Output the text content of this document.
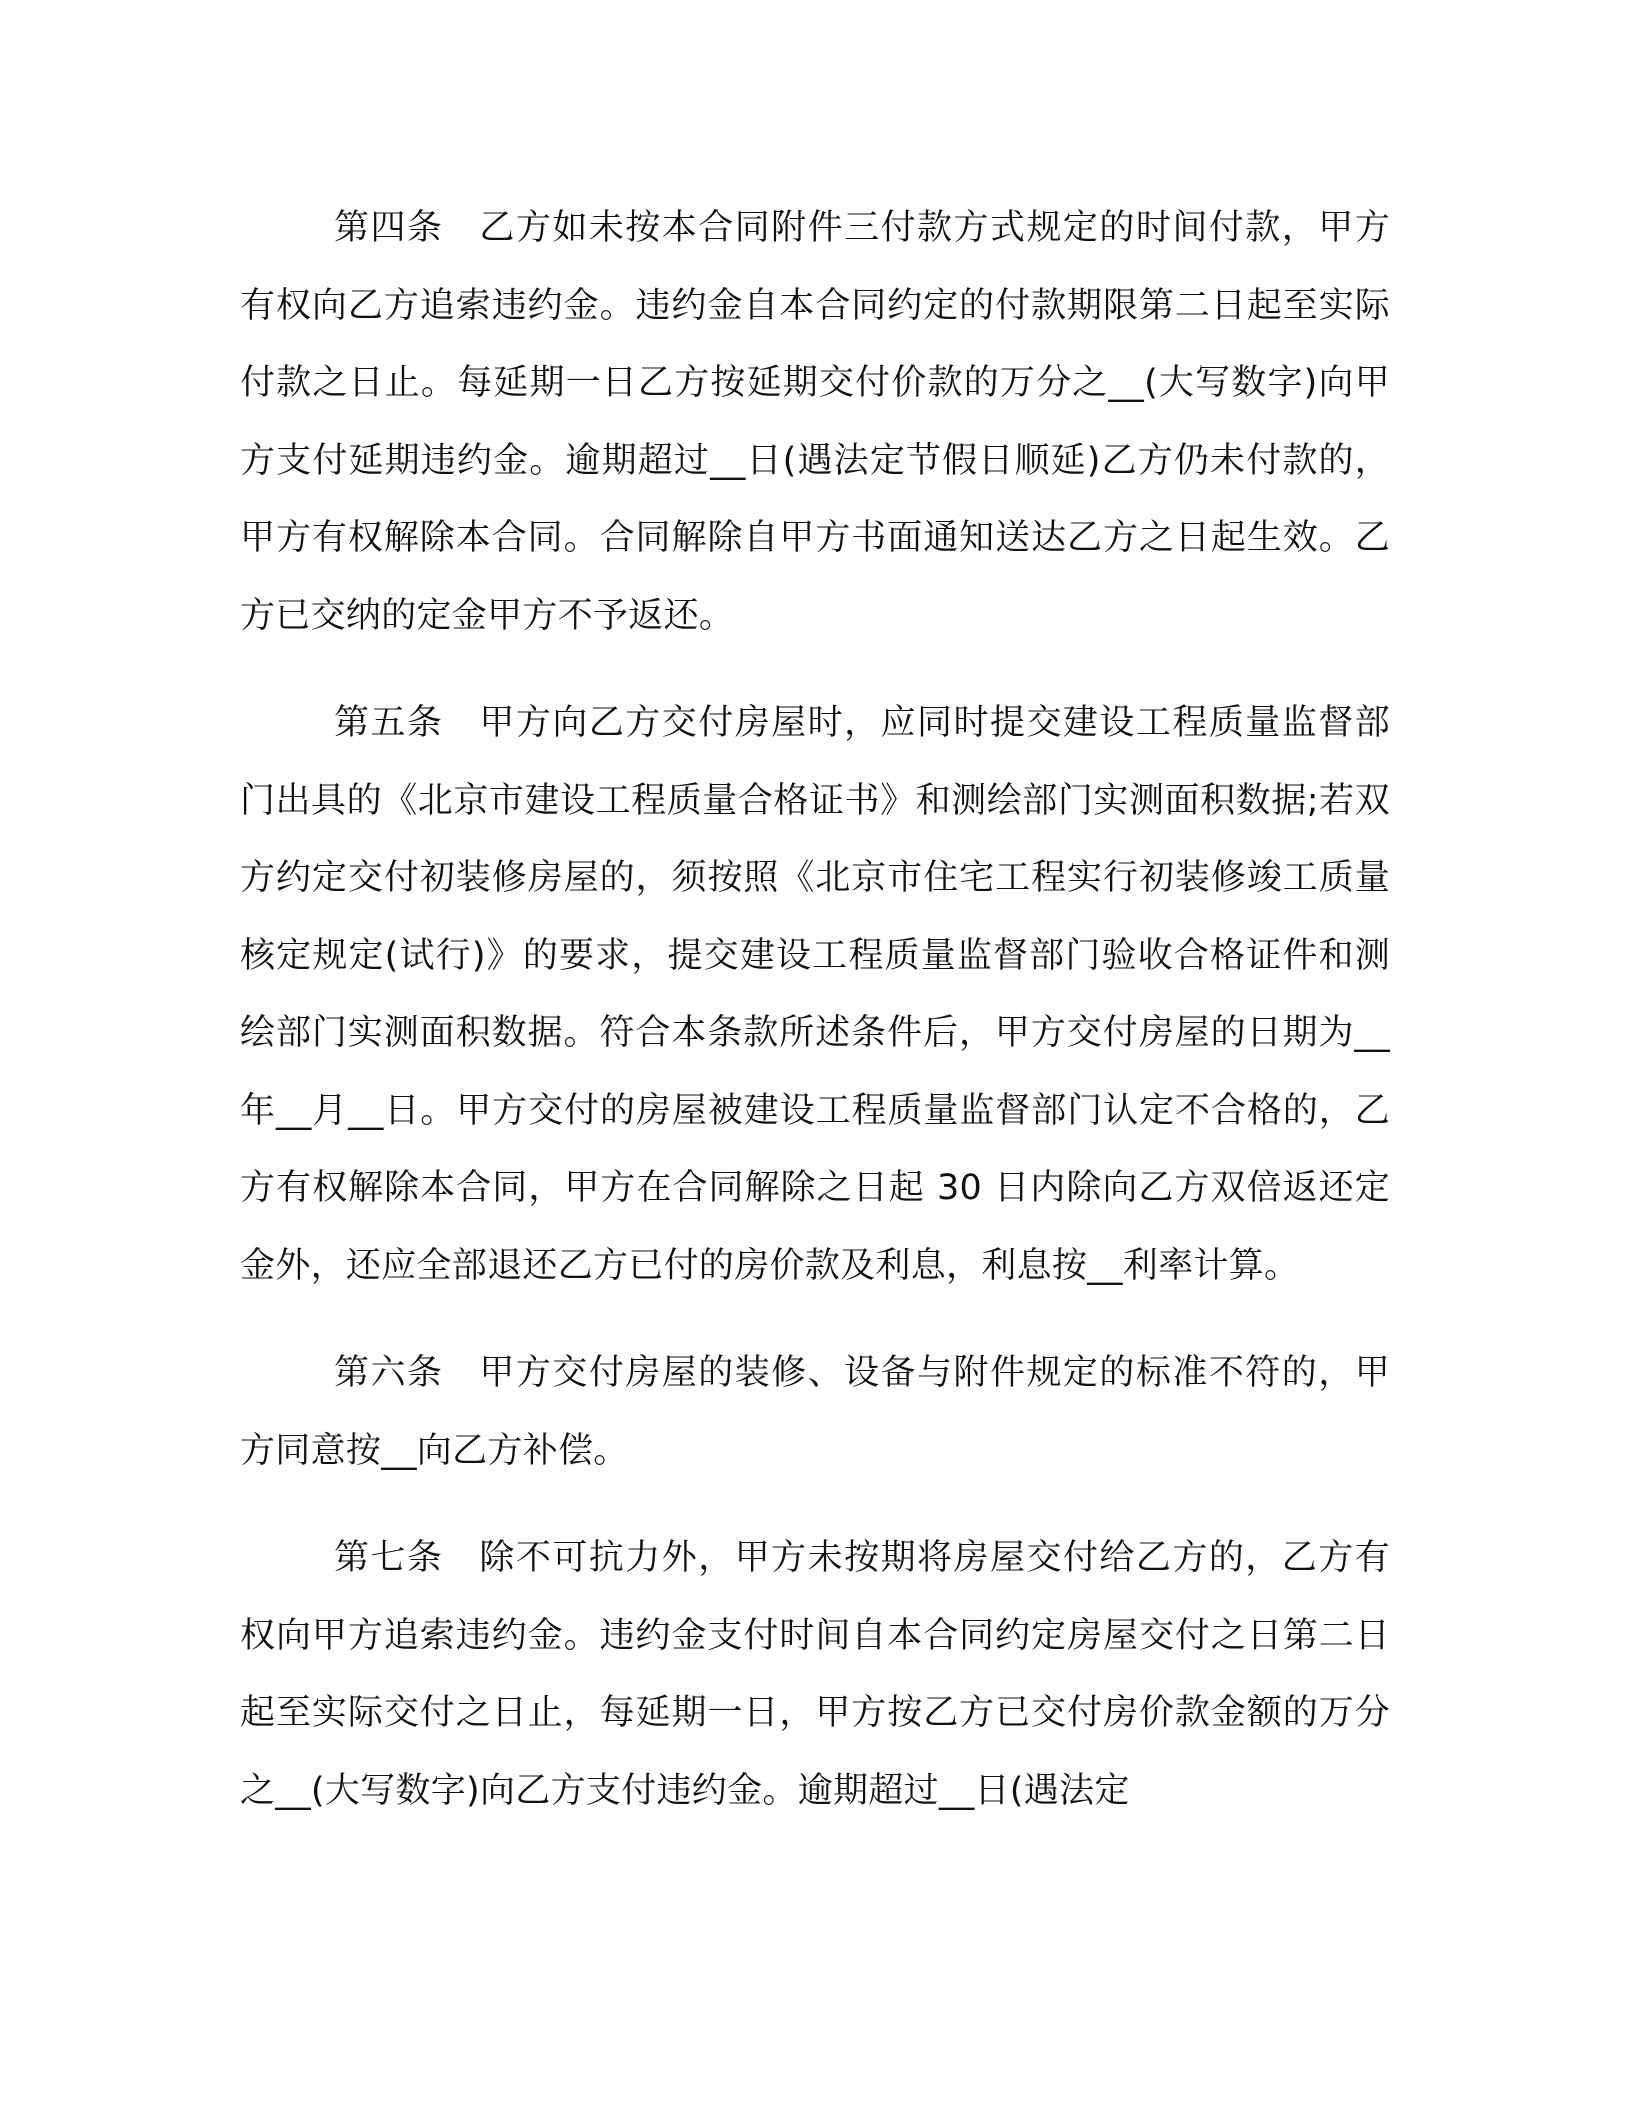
第四条 乙方如未按本合同附件三付款方式规定的时间付款，甲方有权向乙方追索违约金。违约金自本合同约定的付款期限第二日起至实际付款之日止。每延期一日乙方按延期交付价款的万分之__(大写数字)向甲方支付延期违约金。逾期超过__日(遇法定节假日顺延)乙方仍未付款的，甲方有权解除本合同。合同解除自甲方书面通知送达乙方之日起生效。乙方已交纳的定金甲方不予返还。

第五条 甲方向乙方交付房屋时，应同时提交建设工程质量监督部门出具的《北京市建设工程质量合格证书》和测绘部门实测面积数据;若双方约定交付初装修房屋的，须按照《北京市住宅工程实行初装修竣工质量核定规定(试行)》的要求，提交建设工程质量监督部门验收合格证件和测绘部门实测面积数据。符合本条款所述条件后，甲方交付房屋的日期为__年__月__日。甲方交付的房屋被建设工程质量监督部门认定不合格的，乙方有权解除本合同，甲方在合同解除之日起 30 日内除向乙方双倍返还定金外，还应全部退还乙方已付的房价款及利息，利息按__利率计算。

第六条 甲方交付房屋的装修、设备与附件规定的标准不符的，甲方同意按__向乙方补偿。

第七条 除不可抗力外，甲方未按期将房屋交付给乙方的，乙方有权向甲方追索违约金。违约金支付时间自本合同约定房屋交付之日第二日起至实际交付之日止，每延期一日，甲方按乙方已交付房价款金额的万分之__(大写数字)向乙方支付违约金。逾期超过__日(遇法定
